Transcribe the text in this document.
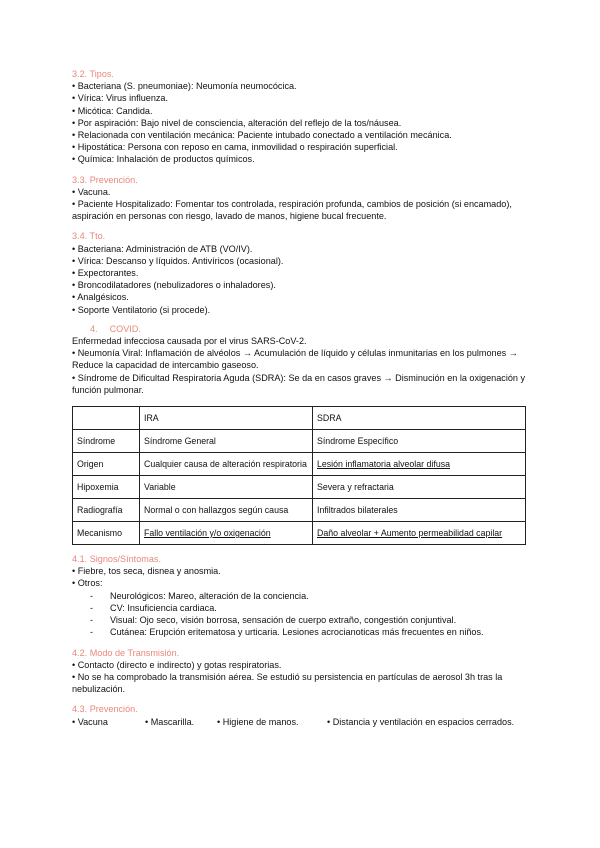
3.2. Tipos.

• Bacteriana (S. pneumoniae): Neumonía neumocócica.

• Vírica: Virus influenza.

• Micótica: Candida.

• Por aspiración: Bajo nivel de consciencia, alteración del reflejo de la tos/náusea.

• Relacionada con ventilación mecánica: Paciente intubado conectado a ventilación mecánica.

• Hipostática: Persona con reposo en cama, inmovilidad o respiración superficial.

• Química: Inhalación de productos químicos.

3.3. Prevención.

• Vacuna.

• Paciente Hospitalizado: Fomentar tos controlada, respiración profunda, cambios de posición (si encamado), aspiración en personas con riesgo, lavado de manos, higiene bucal frecuente.

3.4. Tto.

• Bacteriana: Administración de ATB (VO/IV).

• Vírica: Descanso y líquidos. Antivíricos (ocasional).

• Expectorantes.

• Broncodilatadores (nebulizadores o inhaladores).

• Analgésicos.

• Soporte Ventilatorio (si procede).

4. COVID.

Enfermedad infecciosa causada por el virus SARS-CoV-2.

• Neumonía Viral: Inflamación de alvéolos → Acumulación de líquido y células inmunitarias en los pulmones → Reduce la capacidad de intercambio gaseoso.

• Síndrome de Dificultad Respiratoria Aguda (SDRA): Se da en casos graves → Disminución en la oxigenación y función pulmonar.

	IRA	SDRA
Síndrome	Síndrome General	Síndrome Específico
Origen	Cualquier causa de alteración respiratoria	Lesión inflamatoria alveolar difusa
Hipoxemia	Variable	Severa y refractaria
Radiografía	Normal o con hallazgos según causa	Infiltrados bilaterales
Mecanismo	Fallo ventilación y/o oxigenación	Daño alveolar + Aumento permeabilidad capilar

4.1. Signos/Síntomas.

• Fiebre, tos seca, disnea y anosmia.

• Otros:

- Neurológicos: Mareo, alteración de la conciencia.

- CV: Insuficiencia cardiaca.

- Visual: Ojo seco, visión borrosa, sensación de cuerpo extraño, congestión conjuntival.

- Cutánea: Erupción eritematosa y urticaria. Lesiones acrocianoticas más frecuentes en niños.

4.2. Modo de Transmisión.

• Contacto (directo e indirecto) y gotas respiratorias.

• No se ha comprobado la transmisión aérea. Se estudió su persistencia en partículas de aerosol 3h tras la nebulización.

4.3. Prevención.

• Vacuna	• Mascarilla.	• Higiene de manos.	• Distancia y ventilación en espacios cerrados.
